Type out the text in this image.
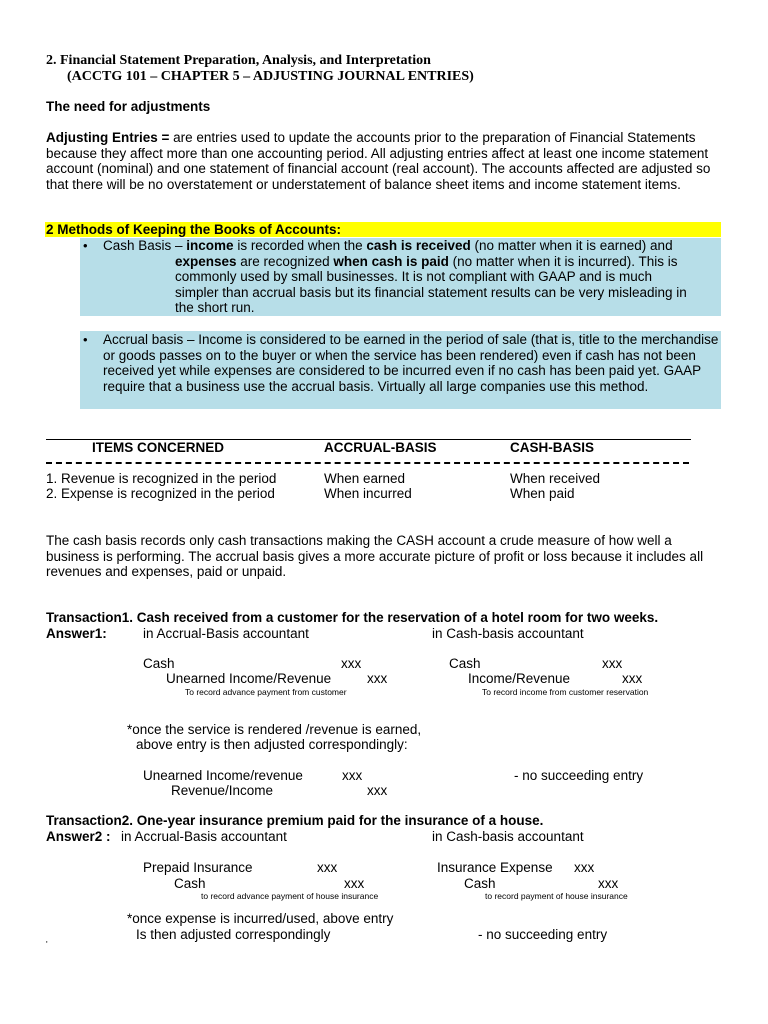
2. Financial Statement Preparation, Analysis, and Interpretation
(ACCTG 101 – CHAPTER 5 – ADJUSTING JOURNAL ENTRIES)
The need for adjustments
Adjusting Entries = are entries used to update the accounts prior to the preparation of Financial Statements because they affect more than one accounting period. All adjusting entries affect at least one income statement account (nominal) and one statement of financial account (real account). The accounts affected are adjusted so that there will be no overstatement or understatement of balance sheet items and income statement items.
2 Methods of Keeping the Books of Accounts:
• Cash Basis – income is recorded when the cash is received (no matter when it is earned) and
expenses are recognized when cash is paid (no matter when it is incurred). This is
commonly used by small businesses. It is not compliant with GAAP and is much
simpler than accrual basis but its financial statement results can be very misleading in
the short run.
• Accrual basis – Income is considered to be earned in the period of sale (that is, title to the merchandise or goods passes on to the buyer or when the service has been rendered) even if cash has not been received yet while expenses are considered to be incurred even if no cash has been paid yet. GAAP require that a business use the accrual basis. Virtually all large companies use this method.
ITEMS CONCERNED	ACCRUAL-BASIS	CASH-BASIS
1. Revenue is recognized in the period	When earned	When received
2. Expense is recognized in the period	When incurred	When paid
The cash basis records only cash transactions making the CASH account a crude measure of how well a business is performing. The accrual basis gives a more accurate picture of profit or loss because it includes all revenues and expenses, paid or unpaid.
Transaction1. Cash received from a customer for the reservation of a hotel room for two weeks.
Answer1:	in Accrual-Basis accountant	in Cash-basis accountant
Cash	xxx
Unearned Income/Revenue	xxx
To record advance payment from customer
Cash	xxx
Income/Revenue	xxx
To record income from customer reservation
*once the service is rendered /revenue is earned,
above entry is then adjusted correspondingly:
Unearned Income/revenue	xxx
Revenue/Income	xxx
- no succeeding entry
Transaction2. One-year insurance premium paid for the insurance of a house.
Answer2 : in Accrual-Basis accountant	in Cash-basis accountant
Prepaid Insurance	xxx
Cash	xxx
to record advance payment of house insurance
Insurance Expense xxx
Cash	xxx
to record payment of house insurance
*once expense is incurred/used, above entry
Is then adjusted correspondingly	- no succeeding entry
'
